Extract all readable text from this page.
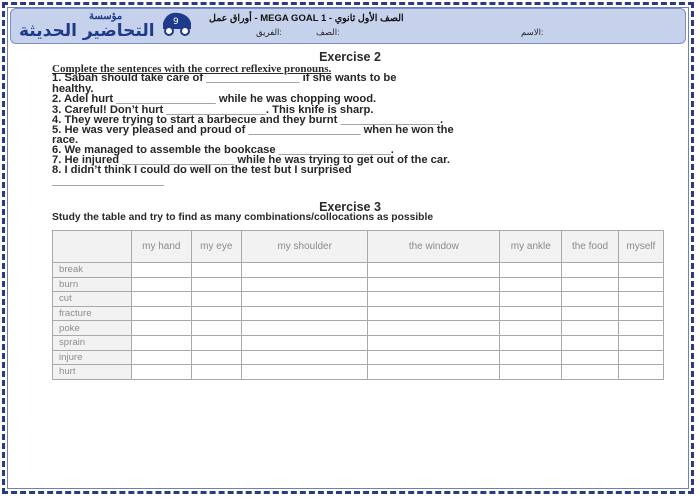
مؤسسة
التحاضير الحديثة 9	أوراق عمل - MEGA GOAL 1 - الصف الأول ثانوي
الاسم:
الصف:
الفريق:
Exercise 2
Complete the sentences with the correct reflexive pronouns.
1. Sabah should take care of _______________ if she wants to be
healthy.
2. Adel hurt ________________ while he was chopping wood.
3. Careful! Don’t hurt ________________. This knife is sharp.
4. They were trying to start a barbecue and they burnt ________________.
5. He was very pleased and proud of __________________ when he won the
race.
6. We managed to assemble the bookcase __________________.
7. He injured __________________ while he was trying to get out of the car.
8. I didn’t think I could do well on the test but I surprised
__________________
Exercise 3
Study the table and try to find as many combinations/collocations as possible
	my hand	my eye	my shoulder	the window	my ankle	the food	myself
break							
burn							
cut							
fracture							
poke							
sprain							
injure							
hurt							
